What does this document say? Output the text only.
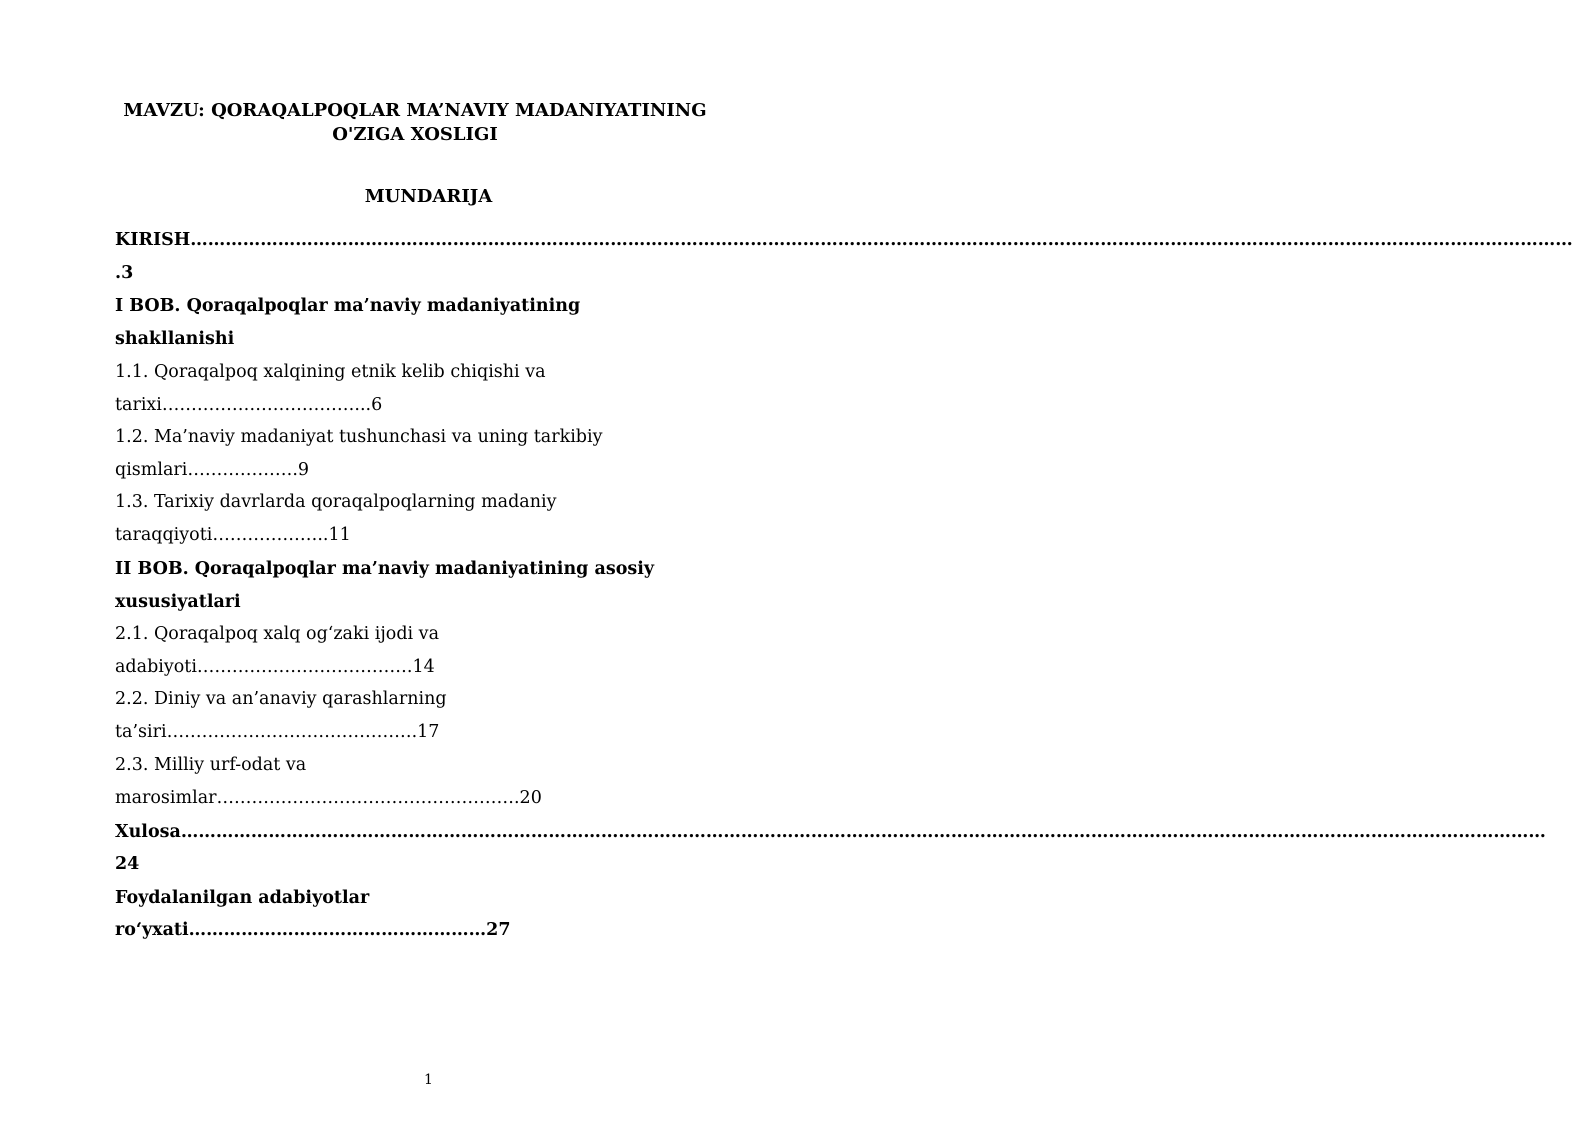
MAVZU: QORAQALPOQLAR MA’NAVIY MADANIYATINING
O'ZIGA XOSLIGI
MUNDARIJA

KIRISH…………………………………………………………………………………………………………………………………………………………………………………………………………………

.3

I BOB. Qoraqalpoqlar ma’naviy madaniyatining

shakllanishi

1.1. Qoraqalpoq xalqining etnik kelib chiqishi va

tarixi……………………………...6

1.2. Ma’naviy madaniyat tushunchasi va uning tarkibiy

qismlari……………….9

1.3. Tarixiy davrlarda qoraqalpoqlarning madaniy

taraqqiyoti………………..11

II BOB. Qoraqalpoqlar ma’naviy madaniyatining asosiy

xususiyatlari

2.1. Qoraqalpoq xalq og‘zaki ijodi va

adabiyoti……………………………….14

2.2. Diniy va an’anaviy qarashlarning

ta’siri…………………………………….17

2.3. Milliy urf-odat va

marosimlar…………………………………………….20

Xulosa………………………………………………………………………………………………………………………………………………………………………………………………………………

24

Foydalanilgan adabiyotlar

ro‘yxati……………………………………………27

1
